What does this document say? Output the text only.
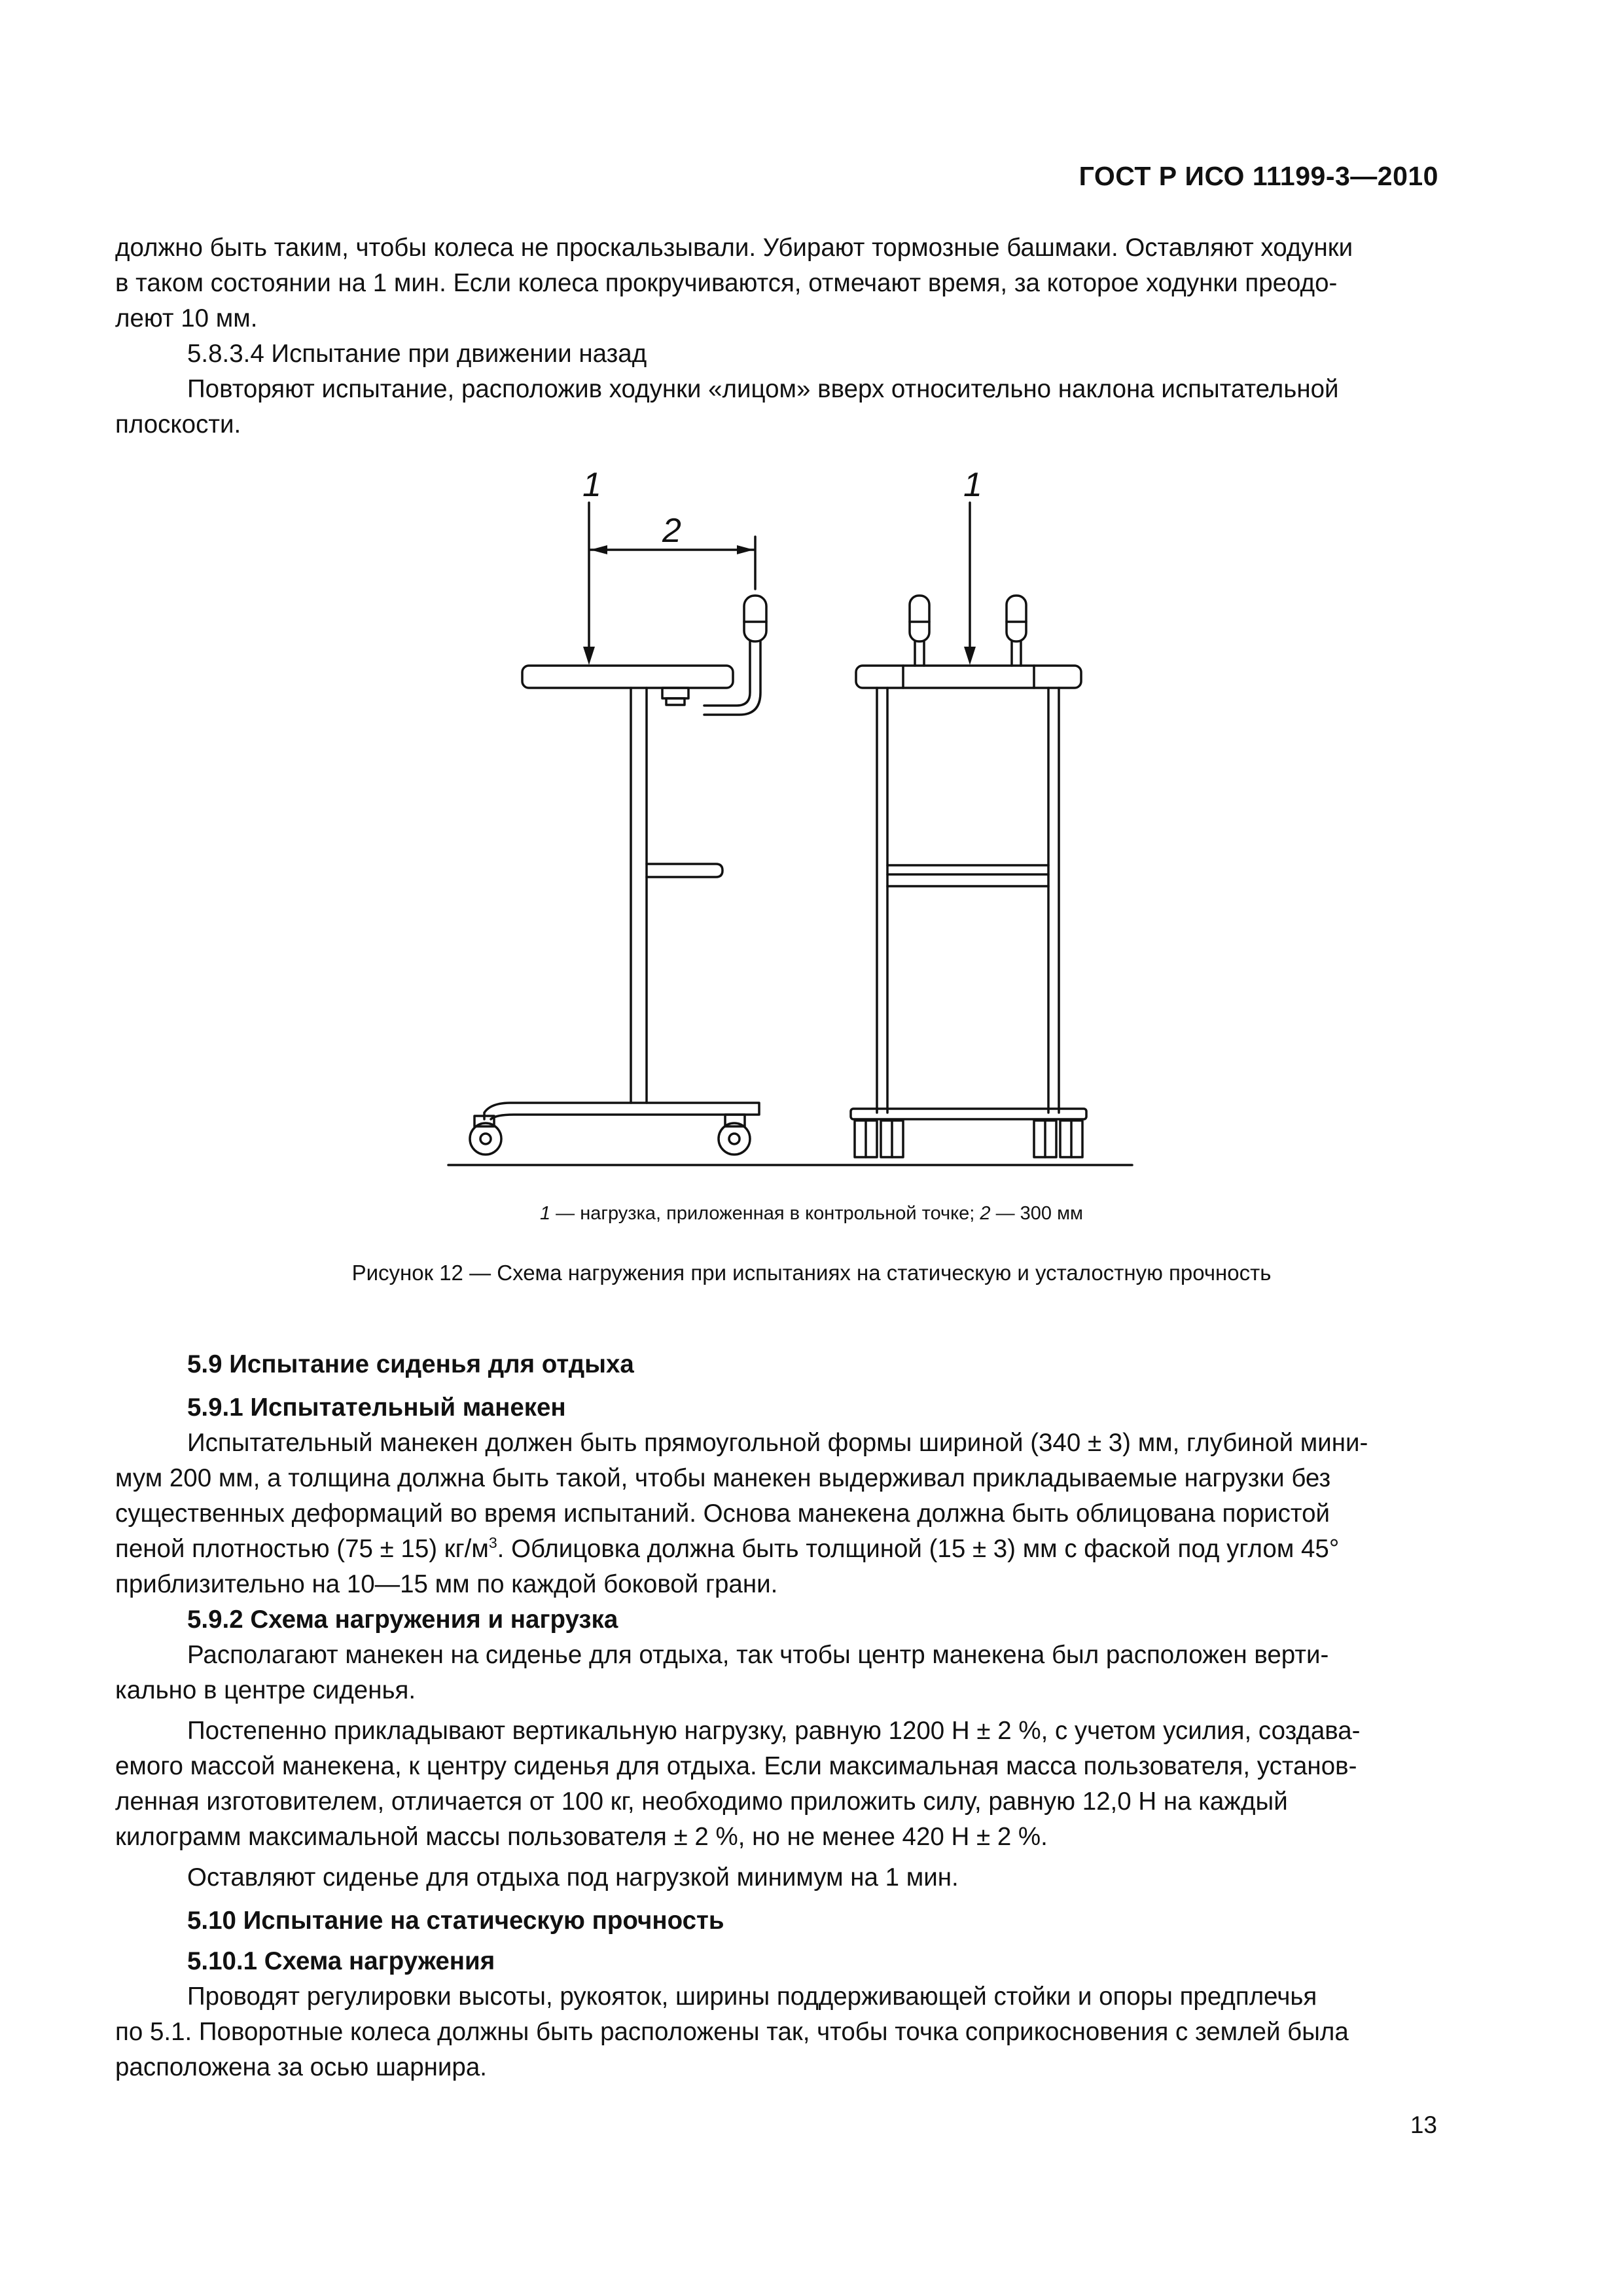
ГОСТ Р ИСО 11199-3—2010

должно быть таким, чтобы колеса не проскальзывали. Убирают тормозные башмаки. Оставляют ходунки

в таком состоянии на 1 мин. Если колеса прокручиваются, отмечают время, за которое ходунки преодо-

леют 10 мм.

5.8.3.4 Испытание при движении назад

Повторяют испытание, расположив ходунки «лицом» вверх относительно наклона испытательной

плоскости.

1	1
2
1 — нагрузка, приложенная в контрольной точке; 2 — 300 мм
Рисунок 12 — Схема нагружения при испытаниях на статическую и усталостную прочность

5.9 Испытание сиденья для отдыха

5.9.1 Испытательный манекен

Испытательный манекен должен быть прямоугольной формы шириной (340 ± 3) мм, глубиной мини-

мум 200 мм, а толщина должна быть такой, чтобы манекен выдерживал прикладываемые нагрузки без

существенных деформаций во время испытаний. Основа манекена должна быть облицована пористой

пеной плотностью (75 ± 15) $кг/м^3$. Облицовка должна быть толщиной (15 ± 3) мм с фаской под углом 45°

приблизительно на 10—15 мм по каждой боковой грани.

5.9.2 Схема нагружения и нагрузка

Располагают манекен на сиденье для отдыха, так чтобы центр манекена был расположен верти-

кально в центре сиденья.

Постепенно прикладывают вертикальную нагрузку, равную 1200 Н ± 2 %, с учетом усилия, создава-

емого массой манекена, к центру сиденья для отдыха. Если максимальная масса пользователя, установ-

ленная изготовителем, отличается от 100 кг, необходимо приложить силу, равную 12,0 Н на каждый

килограмм максимальной массы пользователя ± 2 %, но не менее 420 Н ± 2 %.

Оставляют сиденье для отдыха под нагрузкой минимум на 1 мин.

5.10 Испытание на статическую прочность

5.10.1 Схема нагружения

Проводят регулировки высоты, рукояток, ширины поддерживающей стойки и опоры предплечья

по 5.1. Поворотные колеса должны быть расположены так, чтобы точка соприкосновения с землей была

расположена за осью шарнира.

13
